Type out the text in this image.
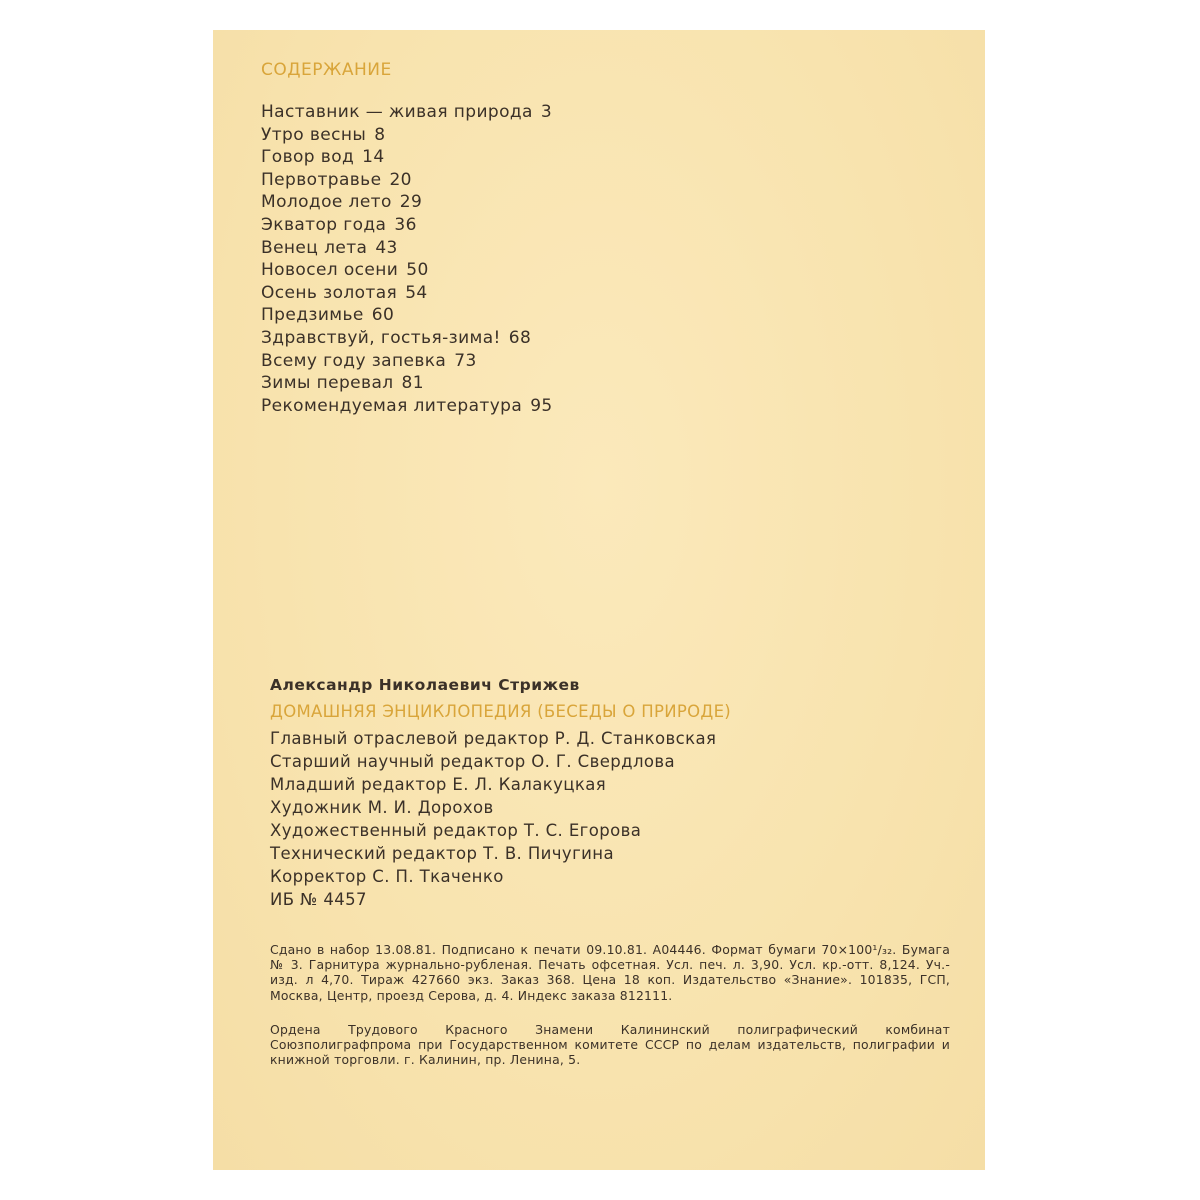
СОДЕРЖАНИЕ
Наставник — живая природа 3
Утро весны 8
Говор вод 14
Первотравье 20
Молодое лето 29
Экватор года 36
Венец лета 43
Новосел осени 50
Осень золотая 54
Предзимье 60
Здравствуй, гостья-зима! 68
Всему году запевка 73
Зимы перевал 81
Рекомендуемая литература 95

Александр Николаевич Стрижев

ДОМАШНЯЯ ЭНЦИКЛОПЕДИЯ (БЕСЕДЫ О ПРИРОДЕ)
Главный отраслевой редактор Р. Д. Станковская
Старший научный редактор О. Г. Свердлова
Младший редактор Е. Л. Калакуцкая
Художник М. И. Дорохов
Художественный редактор Т. С. Егорова
Технический редактор Т. В. Пичугина
Корректор С. П. Ткаченко
ИБ № 4457

Сдано в набор 13.08.81. Подписано к печати 09.10.81. А04446. Формат бумаги 70×100¹/₃₂. Бумага № 3. Гарнитура журнально-рубленая. Печать офсетная. Усл. печ. л. 3,90. Усл. кр.-отт. 8,124. Уч.-изд. л 4,70. Тираж 427660 экз. Заказ 368. Цена 18 коп. Издательство «Знание». 101835, ГСП, Москва, Центр, проезд Серова, д. 4. Индекс заказа 812111.

Ордена Трудового Красного Знамени Калининский полиграфический комбинат Союзполиграфпрома при Государственном комитете СССР по делам издательств, полиграфии и книжной торговли. г. Калинин, пр. Ленина, 5.
